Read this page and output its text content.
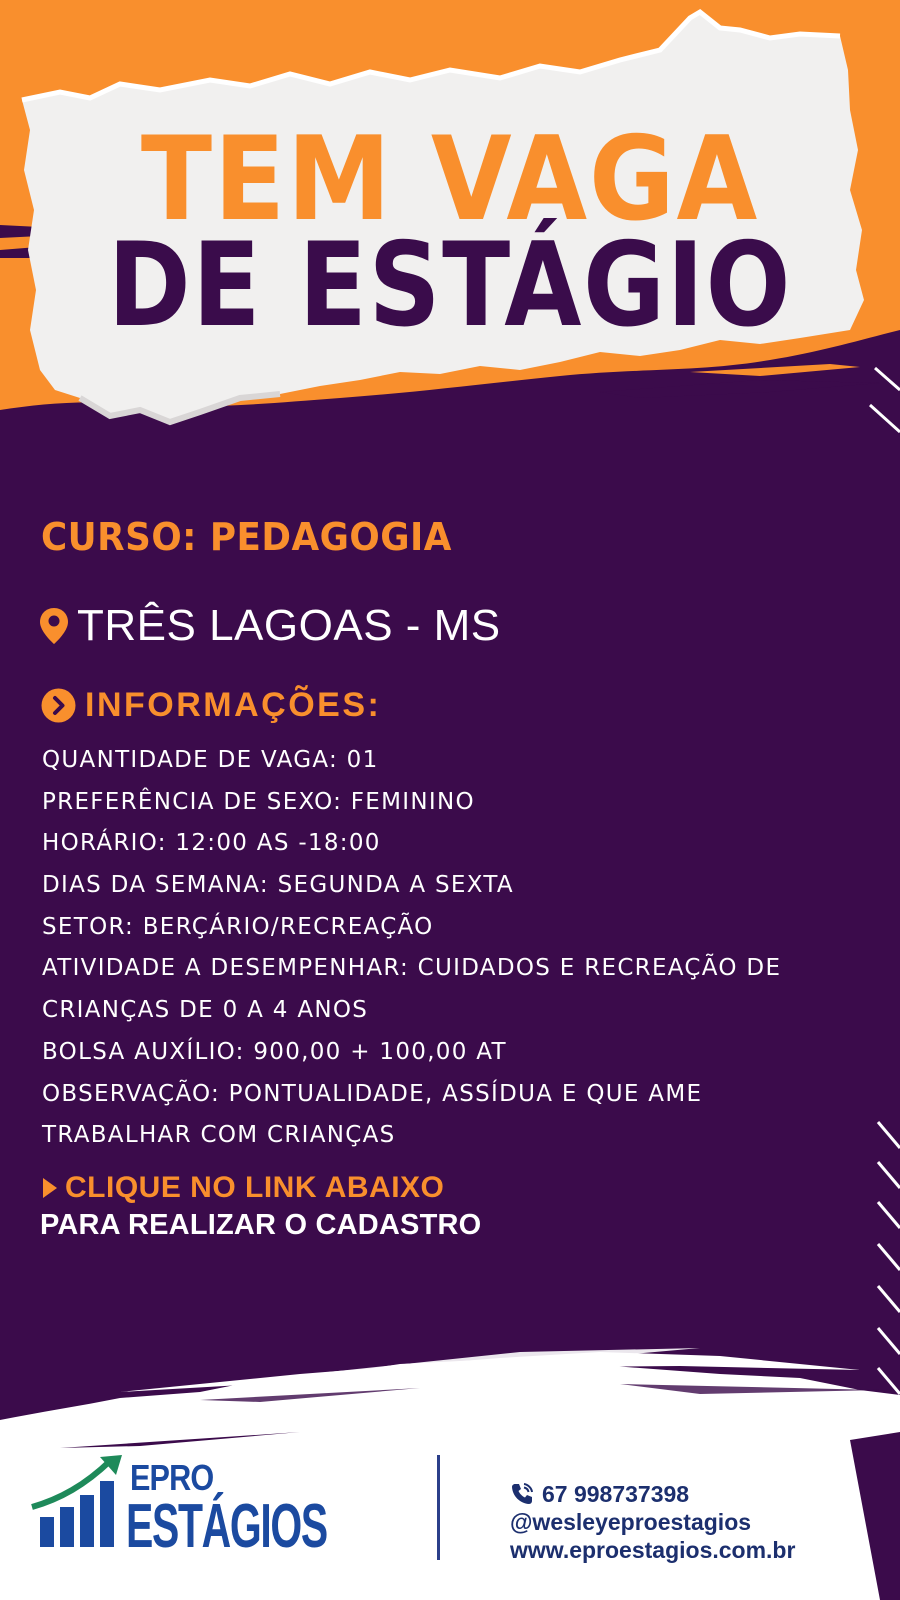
TEM VAGA
DE ESTÁGIO
CURSO: PEDAGOGIA
TRÊS LAGOAS - MS
INFORMAÇÕES:
QUANTIDADE DE VAGA: 01
PREFERÊNCIA DE SEXO: FEMININO
HORÁRIO: 12:00 AS -18:00
DIAS DA SEMANA: SEGUNDA A SEXTA
SETOR: BERÇÁRIO/RECREAÇÃO
ATIVIDADE A DESEMPENHAR: CUIDADOS E RECREAÇÃO DE
CRIANÇAS DE 0 A 4 ANOS
BOLSA AUXÍLIO: 900,00 + 100,00 AT
OBSERVAÇÃO: PONTUALIDADE, ASSÍDUA E QUE AME
TRABALHAR COM CRIANÇAS
CLIQUE NO LINK ABAIXO
PARA REALIZAR O CADASTRO
EPRO
ESTÁGIOS	67 998737398
@wesleyeproestagios
www.eproestagios.com.br
